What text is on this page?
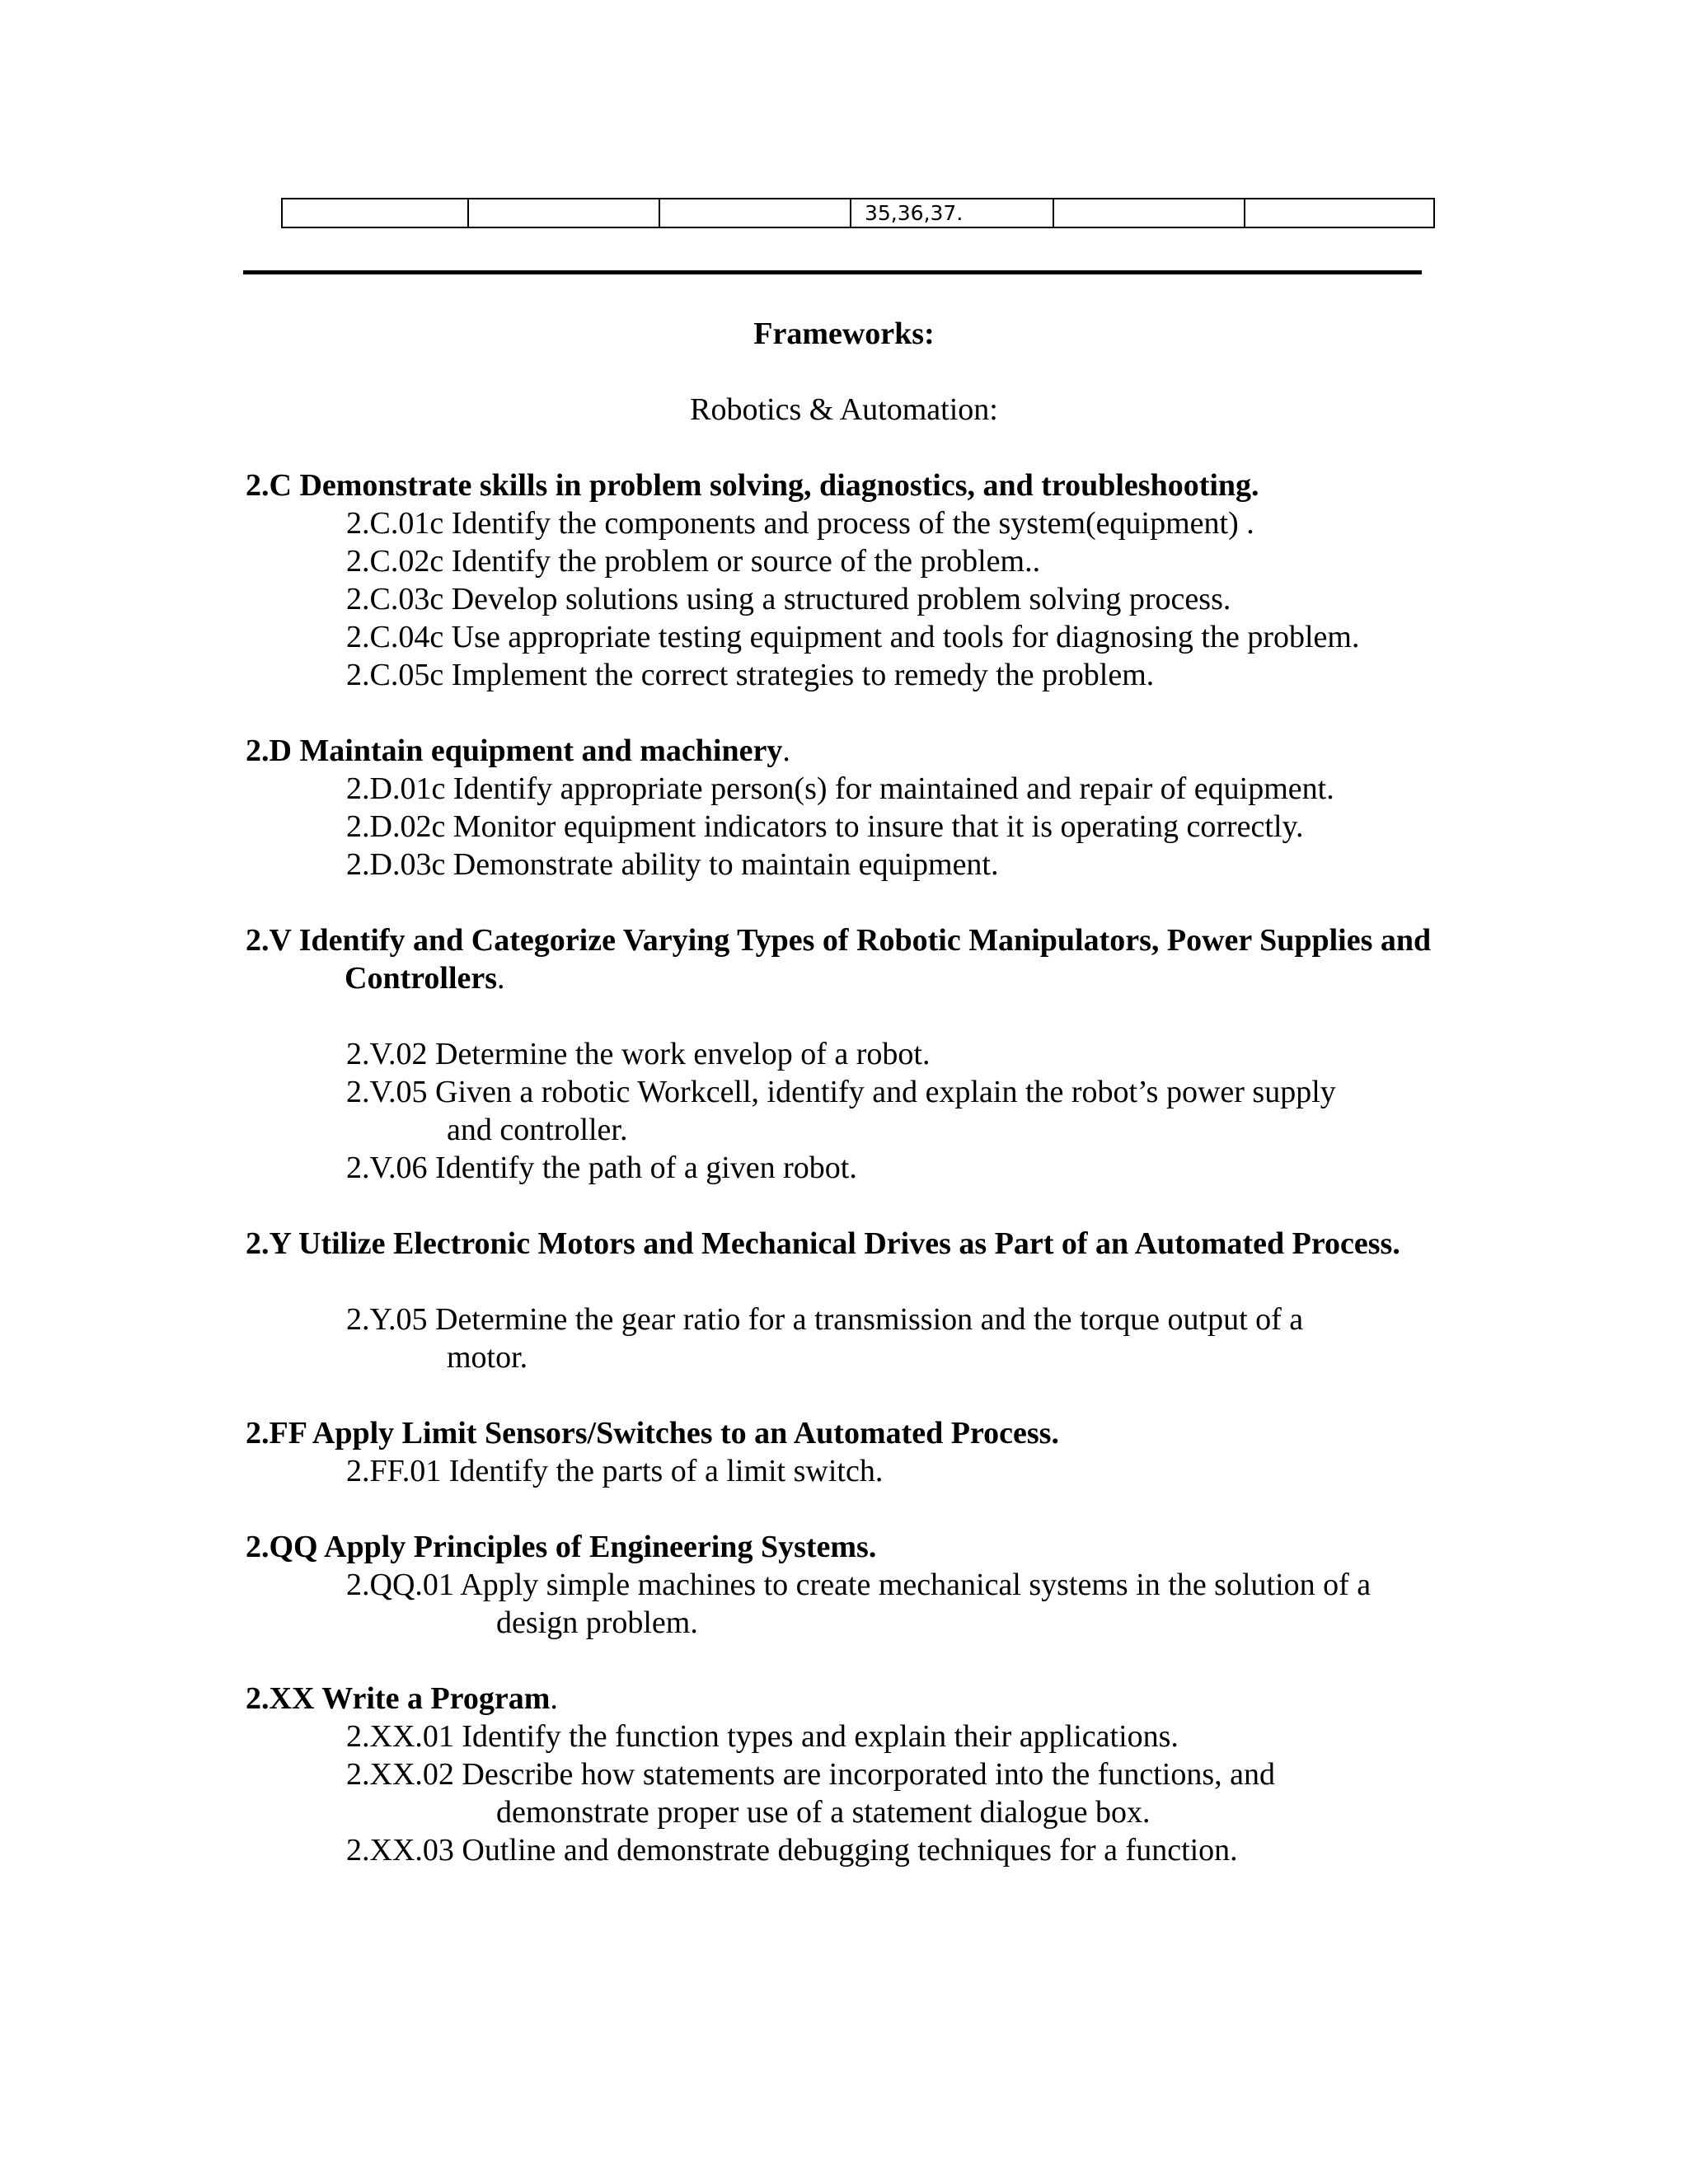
			35,36,37.		
Frameworks:
Robotics & Automation:
2.C Demonstrate skills in problem solving, diagnostics, and troubleshooting.
2.C.01c Identify the components and process of the system(equipment) .
2.C.02c Identify the problem or source of the problem..
2.C.03c Develop solutions using a structured problem solving process.
2.C.04c Use appropriate testing equipment and tools for diagnosing the problem.
2.C.05c Implement the correct strategies to remedy the problem.
2.D Maintain equipment and machinery.
2.D.01c Identify appropriate person(s) for maintained and repair of equipment.
2.D.02c Monitor equipment indicators to insure that it is operating correctly.
2.D.03c Demonstrate ability to maintain equipment.
2.V Identify and Categorize Varying Types of Robotic Manipulators, Power Supplies and Controllers.
2.V.02 Determine the work envelop of a robot.
2.V.05 Given a robotic Workcell, identify and explain the robot’s power supply
and controller.
2.V.06 Identify the path of a given robot.
2.Y Utilize Electronic Motors and Mechanical Drives as Part of an Automated Process.
2.Y.05 Determine the gear ratio for a transmission and the torque output of a
motor.
2.FF Apply Limit Sensors/Switches to an Automated Process.
2.FF.01 Identify the parts of a limit switch.
2.QQ Apply Principles of Engineering Systems.
2.QQ.01 Apply simple machines to create mechanical systems in the solution of a
design problem.
2.XX Write a Program.
2.XX.01 Identify the function types and explain their applications.
2.XX.02 Describe how statements are incorporated into the functions, and
demonstrate proper use of a statement dialogue box.
2.XX.03 Outline and demonstrate debugging techniques for a function.
